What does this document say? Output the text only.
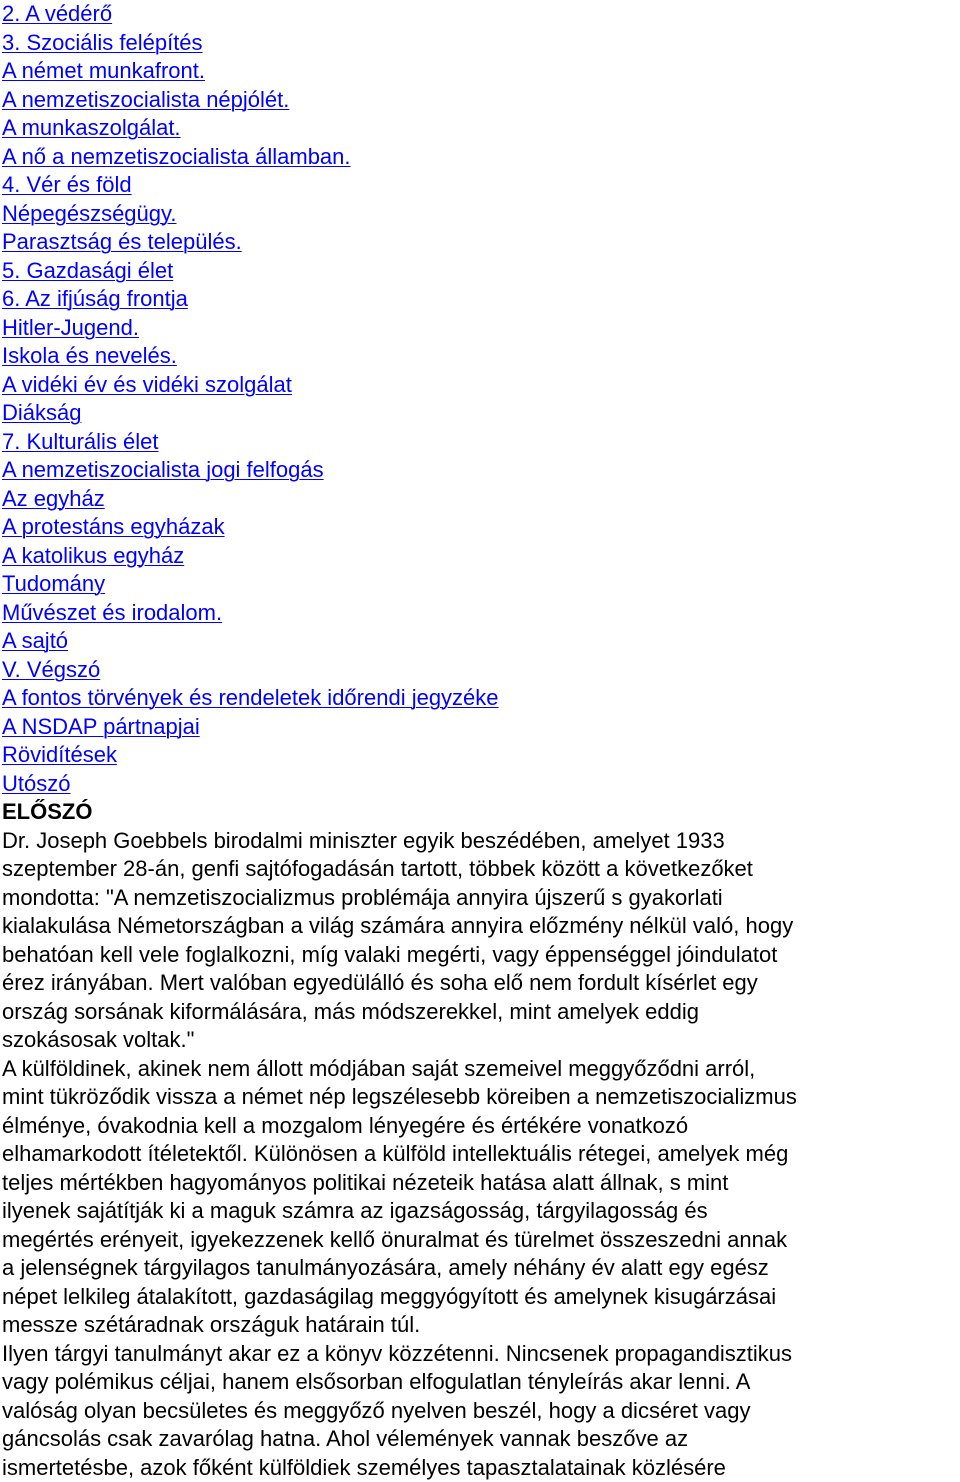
2. A védérő
3. Szociális felépítés
A német munkafront.
A nemzetiszocialista népjólét.
A munkaszolgálat.
A nő a nemzetiszocialista államban.
4. Vér és föld
Népegészségügy.
Parasztság és település.
5. Gazdasági élet
6. Az ifjúság frontja
Hitler-Jugend.
Iskola és nevelés.
A vidéki év és vidéki szolgálat
Diákság
7. Kulturális élet
A nemzetiszocialista jogi felfogás
Az egyház
A protestáns egyházak
A katolikus egyház
Tudomány
Művészet és irodalom.
A sajtó
V. Végszó
A fontos törvények és rendeletek időrendi jegyzéke
A NSDAP pártnapjai
Rövidítések
Utószó
ELŐSZÓ
Dr. Joseph Goebbels birodalmi miniszter egyik beszédében, amelyet 1933
szeptember 28-án, genfi sajtófogadásán tartott, többek között a következőket
mondotta: "A nemzetiszocializmus problémája annyira újszerű s gyakorlati
kialakulása Németországban a világ számára annyira előzmény nélkül való, hogy
behatóan kell vele foglalkozni, míg valaki megérti, vagy éppenséggel jóindulatot
érez irányában. Mert valóban egyedülálló és soha elő nem fordult kísérlet egy
ország sorsának kiformálására, más módszerekkel, mint amelyek eddig
szokásosak voltak."
A külföldinek, akinek nem állott módjában saját szemeivel meggyőződni arról,
mint tükröződik vissza a német nép legszélesebb köreiben a nemzetiszocializmus
élménye, óvakodnia kell a mozgalom lényegére és értékére vonatkozó
elhamarkodott ítéletektől. Különösen a külföld intellektuális rétegei, amelyek még
teljes mértékben hagyományos politikai nézeteik hatása alatt állnak, s mint
ilyenek sajátítják ki a maguk számra az igazságosság, tárgyilagosság és
megértés erényeit, igyekezzenek kellő önuralmat és türelmet összeszedni annak
a jelenségnek tárgyilagos tanulmányozására, amely néhány év alatt egy egész
népet lelkileg átalakított, gazdaságilag meggyógyított és amelynek kisugárzásai
messze szétáradnak országuk határain túl.
Ilyen tárgyi tanulmányt akar ez a könyv közzétenni. Nincsenek propagandisztikus
vagy polémikus céljai, hanem elsősorban elfogulatlan tényleírás akar lenni. A
valóság olyan becsületes és meggyőző nyelven beszél, hogy a dicséret vagy
gáncsolás csak zavarólag hatna. Ahol vélemények vannak beszőve az
ismertetésbe, azok főként külföldiek személyes tapasztalatainak közlésére
